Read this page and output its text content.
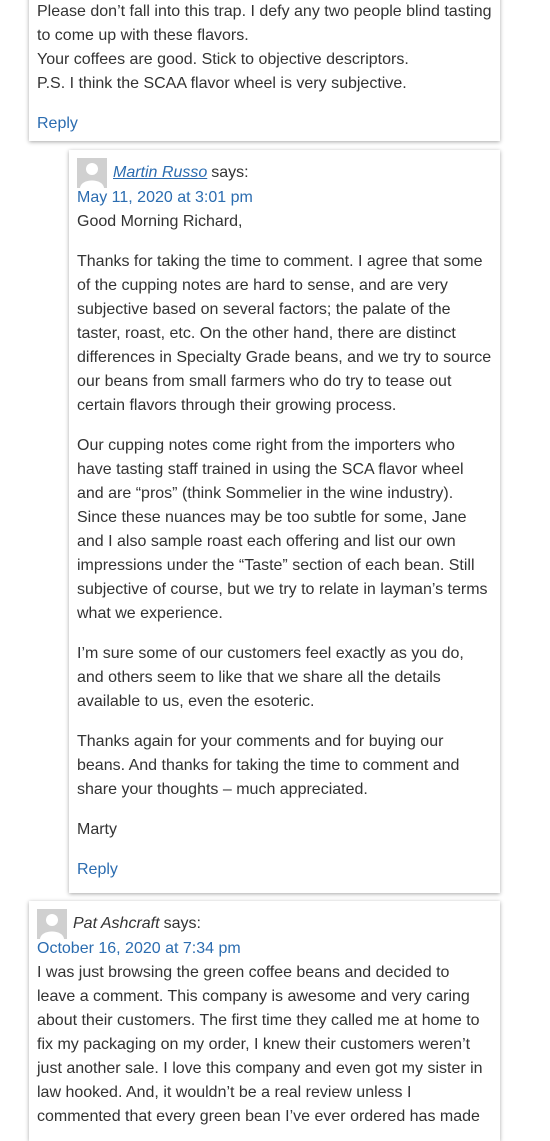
Please don’t fall into this trap. I defy any two people blind tasting to come up with these flavors.

Your coffees are good. Stick to objective descriptors.

P.S. I think the SCAA flavor wheel is very subjective.

Reply
Martin Russo says:
May 11, 2020 at 3:01 pm

Good Morning Richard,

Thanks for taking the time to comment. I agree that some of the cupping notes are hard to sense, and are very subjective based on several factors; the palate of the taster, roast, etc. On the other hand, there are distinct differences in Specialty Grade beans, and we try to source our beans from small farmers who do try to tease out certain flavors through their growing process.

Our cupping notes come right from the importers who have tasting staff trained in using the SCA flavor wheel and are “pros” (think Sommelier in the wine industry). Since these nuances may be too subtle for some, Jane and I also sample roast each offering and list our own impressions under the “Taste” section of each bean. Still subjective of course, but we try to relate in layman’s terms what we experience.

I’m sure some of our customers feel exactly as you do, and others seem to like that we share all the details available to us, even the esoteric.

Thanks again for your comments and for buying our beans. And thanks for taking the time to comment and share your thoughts – much appreciated.

Marty

Reply
Pat Ashcraft says:
October 16, 2020 at 7:34 pm

I was just browsing the green coffee beans and decided to leave a comment. This company is awesome and very caring about their customers. The first time they called me at home to fix my packaging on my order, I knew their customers weren’t just another sale. I love this company and even got my sister in law hooked. And, it wouldn’t be a real review unless I commented that every green bean I’ve ever ordered has made
